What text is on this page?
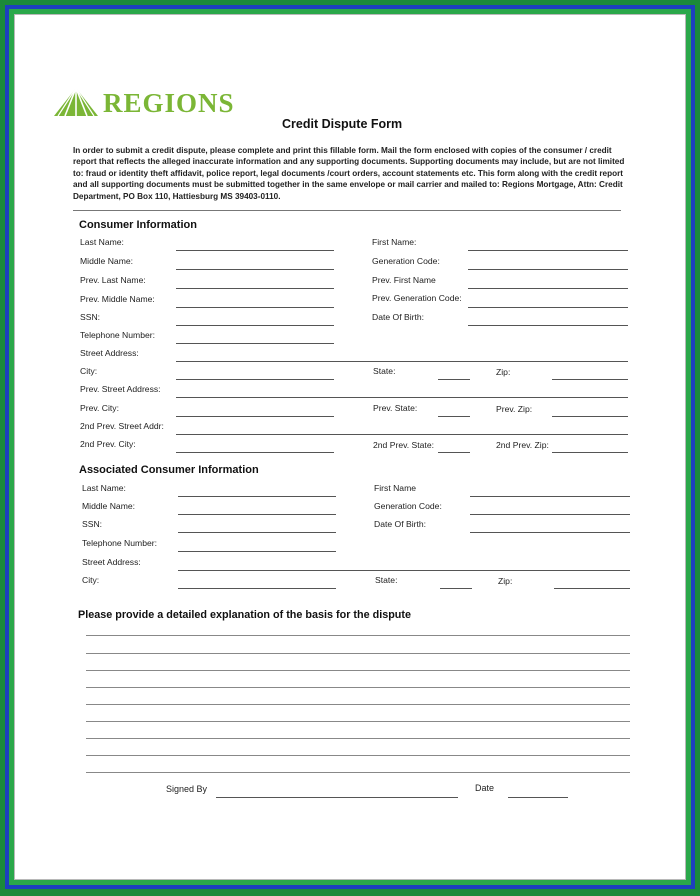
REGIONS
Credit Dispute Form

In order to submit a credit dispute, please complete and print this fillable form. Mail the form enclosed with copies of the consumer / credit report that reflects the alleged inaccurate information and any supporting documents. Supporting documents may include, but are not limited to: fraud or identity theft affidavit, police report, legal documents /court orders, account statements etc. This form along with the credit report and all supporting documents must be submitted together in the same envelope or mail carrier and mailed to: Regions Mortgage, Attn: Credit Department, PO Box 110, Hattiesburg MS 39403-0110.

Consumer Information
Last Name:	First Name:
Middle Name:	Generation Code:
Prev. Last Name:	Prev. First Name
Prev. Middle Name:	Prev. Generation Code:
SSN:	Date Of Birth:
Telephone Number:
Street Address:
City:	State:	Zip:
Prev. Street Address:
Prev. City:	Prev. State:	Prev. Zip:
2nd Prev. Street Addr:
2nd Prev. City:	2nd Prev. State:	2nd Prev. Zip:
Associated Consumer Information
Last Name:	First Name
Middle Name:	Generation Code:
SSN:	Date Of Birth:
Telephone Number:
Street Address:
City:	State:	Zip:
Please provide a detailed explanation of the basis for the dispute
Signed By	Date
